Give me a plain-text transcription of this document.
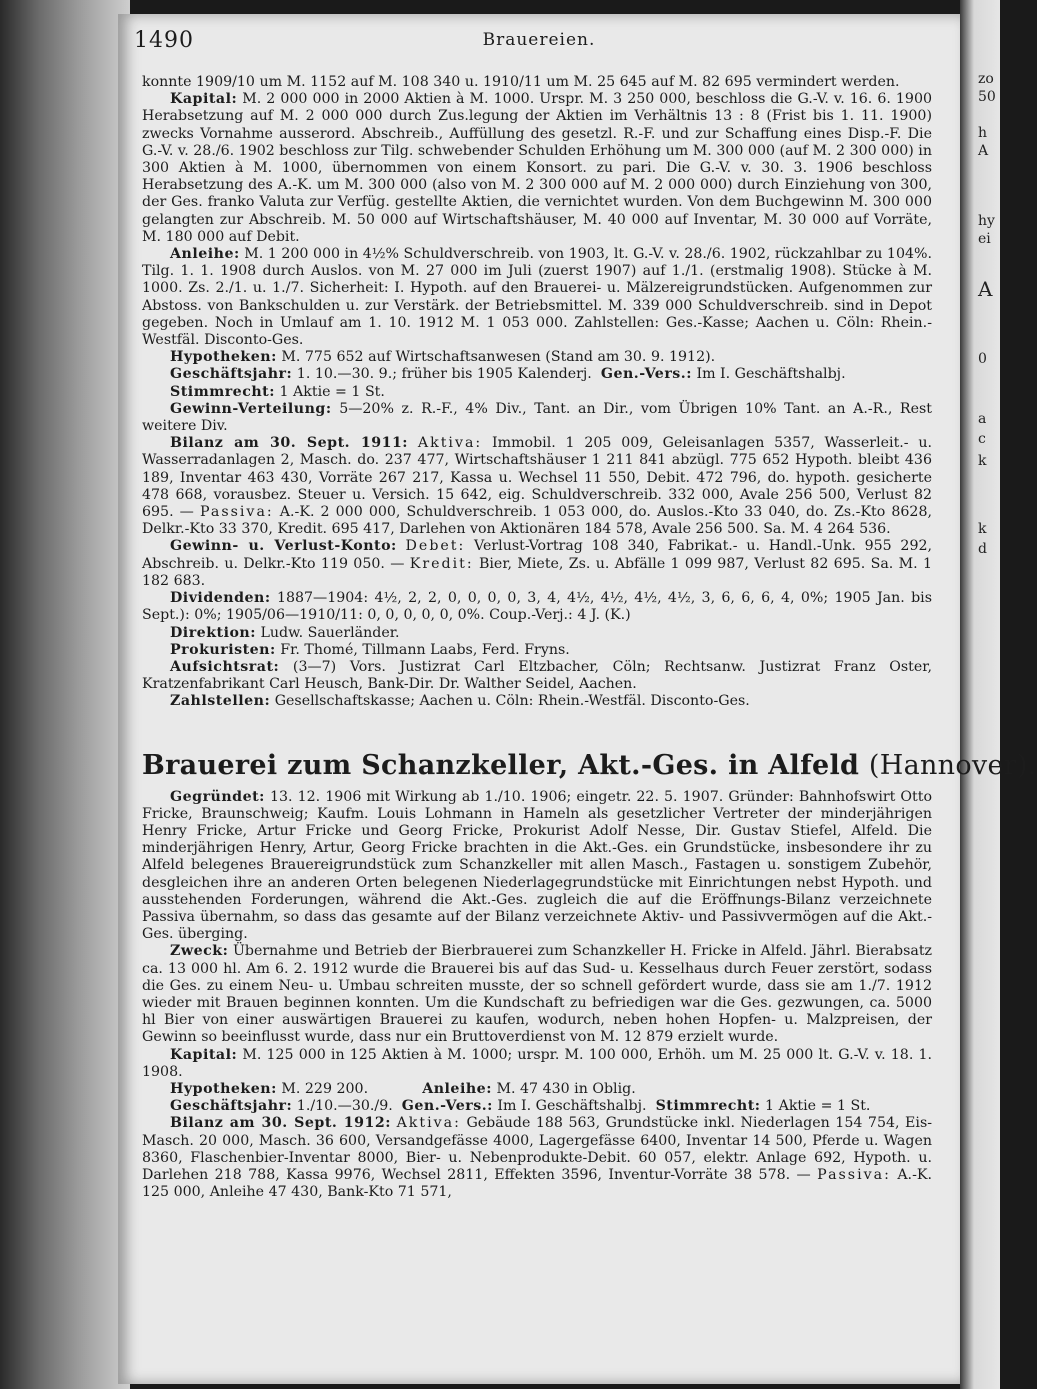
zo
50
h
A
hy
ei
A
0
a
c
k
k
d
1490	Brauereien.

konnte 1909/10 um M. 1152 auf M. 108 340 u. 1910/11 um M. 25 645 auf M. 82 695 vermindert werden.

Kapital: M. 2 000 000 in 2000 Aktien à M. 1000. Urspr. M. 3 250 000, beschloss die G.-V. v. 16. 6. 1900 Herabsetzung auf M. 2 000 000 durch Zus.legung der Aktien im Verhältnis 13 : 8 (Frist bis 1. 11. 1900) zwecks Vornahme ausserord. Abschreib., Auffüllung des gesetzl. R.-F. und zur Schaffung eines Disp.-F. Die G.-V. v. 28./6. 1902 beschloss zur Tilg. schwebender Schulden Erhöhung um M. 300 000 (auf M. 2 300 000) in 300 Aktien à M. 1000, übernommen von einem Konsort. zu pari. Die G.-V. v. 30. 3. 1906 beschloss Herabsetzung des A.-K. um M. 300 000 (also von M. 2 300 000 auf M. 2 000 000) durch Einziehung von 300, der Ges. franko Valuta zur Verfüg. gestellte Aktien, die vernichtet wurden. Von dem Buchgewinn M. 300 000 gelangten zur Abschreib. M. 50 000 auf Wirtschaftshäuser, M. 40 000 auf Inventar, M. 30 000 auf Vorräte, M. 180 000 auf Debit.

Anleihe: M. 1 200 000 in 4½% Schuldverschreib. von 1903, lt. G.-V. v. 28./6. 1902, rückzahlbar zu 104%. Tilg. 1. 1. 1908 durch Auslos. von M. 27 000 im Juli (zuerst 1907) auf 1./1. (erstmalig 1908). Stücke à M. 1000. Zs. 2./1. u. 1./7. Sicherheit: I. Hypoth. auf den Brauerei- u. Mälzereigrundstücken. Aufgenommen zur Abstoss. von Bankschulden u. zur Verstärk. der Betriebsmittel. M. 339 000 Schuldverschreib. sind in Depot gegeben. Noch in Umlauf am 1. 10. 1912 M. 1 053 000. Zahlstellen: Ges.-Kasse; Aachen u. Cöln: Rhein.-Westfäl. Disconto-Ges.

Hypotheken: M. 775 652 auf Wirtschaftsanwesen (Stand am 30. 9. 1912).

Geschäftsjahr: 1. 10.—30. 9.; früher bis 1905 Kalenderj. Gen.-Vers.: Im I. Geschäftshalbj.

Stimmrecht: 1 Aktie = 1 St.

Gewinn-Verteilung: 5—20% z. R.-F., 4% Div., Tant. an Dir., vom Übrigen 10% Tant. an A.-R., Rest weitere Div.

Bilanz am 30. Sept. 1911: Aktiva: Immobil. 1 205 009, Geleisanlagen 5357, Wasserleit.- u. Wasserradanlagen 2, Masch. do. 237 477, Wirtschaftshäuser 1 211 841 abzügl. 775 652 Hypoth. bleibt 436 189, Inventar 463 430, Vorräte 267 217, Kassa u. Wechsel 11 550, Debit. 472 796, do. hypoth. gesicherte 478 668, vorausbez. Steuer u. Versich. 15 642, eig. Schuldverschreib. 332 000, Avale 256 500, Verlust 82 695. — Passiva: A.-K. 2 000 000, Schuldverschreib. 1 053 000, do. Auslos.-Kto 33 040, do. Zs.-Kto 8628, Delkr.-Kto 33 370, Kredit. 695 417, Darlehen von Aktionären 184 578, Avale 256 500. Sa. M. 4 264 536.

Gewinn- u. Verlust-Konto: Debet: Verlust-Vortrag 108 340, Fabrikat.- u. Handl.-Unk. 955 292, Abschreib. u. Delkr.-Kto 119 050. — Kredit: Bier, Miete, Zs. u. Abfälle 1 099 987, Verlust 82 695. Sa. M. 1 182 683.

Dividenden: 1887—1904: 4½, 2, 2, 0, 0, 0, 0, 3, 4, 4½, 4½, 4½, 4½, 3, 6, 6, 6, 4, 0%; 1905 Jan. bis Sept.): 0%; 1905/06—1910/11: 0, 0, 0, 0, 0, 0%. Coup.-Verj.: 4 J. (K.)

Direktion: Ludw. Sauerländer.

Prokuristen: Fr. Thomé, Tillmann Laabs, Ferd. Fryns.

Aufsichtsrat: (3—7) Vors. Justizrat Carl Eltzbacher, Cöln; Rechtsanw. Justizrat Franz Oster, Kratzenfabrikant Carl Heusch, Bank-Dir. Dr. Walther Seidel, Aachen.

Zahlstellen: Gesellschaftskasse; Aachen u. Cöln: Rhein.-Westfäl. Disconto-Ges.

Brauerei zum Schanzkeller, Akt.-Ges. in Alfeld (Hannover).

Gegründet: 13. 12. 1906 mit Wirkung ab 1./10. 1906; eingetr. 22. 5. 1907. Gründer: Bahnhofswirt Otto Fricke, Braunschweig; Kaufm. Louis Lohmann in Hameln als gesetzlicher Vertreter der minderjährigen Henry Fricke, Artur Fricke und Georg Fricke, Prokurist Adolf Nesse, Dir. Gustav Stiefel, Alfeld. Die minderjährigen Henry, Artur, Georg Fricke brachten in die Akt.-Ges. ein Grundstücke, insbesondere ihr zu Alfeld belegenes Brauereigrundstück zum Schanzkeller mit allen Masch., Fastagen u. sonstigem Zubehör, desgleichen ihre an anderen Orten belegenen Niederlagegrundstücke mit Einrichtungen nebst Hypoth. und ausstehenden Forderungen, während die Akt.-Ges. zugleich die auf die Eröffnungs-Bilanz verzeichnete Passiva übernahm, so dass das gesamte auf der Bilanz verzeichnete Aktiv- und Passivvermögen auf die Akt.-Ges. überging.

Zweck: Übernahme und Betrieb der Bierbrauerei zum Schanzkeller H. Fricke in Alfeld. Jährl. Bierabsatz ca. 13 000 hl. Am 6. 2. 1912 wurde die Brauerei bis auf das Sud- u. Kesselhaus durch Feuer zerstört, sodass die Ges. zu einem Neu- u. Umbau schreiten musste, der so schnell gefördert wurde, dass sie am 1./7. 1912 wieder mit Brauen beginnen konnten. Um die Kundschaft zu befriedigen war die Ges. gezwungen, ca. 5000 hl Bier von einer auswärtigen Brauerei zu kaufen, wodurch, neben hohen Hopfen- u. Malzpreisen, der Gewinn so beeinflusst wurde, dass nur ein Bruttoverdienst von M. 12 879 erzielt wurde.

Kapital: M. 125 000 in 125 Aktien à M. 1000; urspr. M. 100 000, Erhöh. um M. 25 000 lt. G.-V. v. 18. 1. 1908.

Hypotheken: M. 229 200.	Anleihe: M. 47 430 in Oblig.

Geschäftsjahr: 1./10.—30./9. Gen.-Vers.: Im I. Geschäftshalbj. Stimmrecht: 1 Aktie = 1 St.

Bilanz am 30. Sept. 1912: Aktiva: Gebäude 188 563, Grundstücke inkl. Niederlagen 154 754, Eis-Masch. 20 000, Masch. 36 600, Versandgefässe 4000, Lagergefässe 6400, Inventar 14 500, Pferde u. Wagen 8360, Flaschenbier-Inventar 8000, Bier- u. Nebenprodukte-Debit. 60 057, elektr. Anlage 692, Hypoth. u. Darlehen 218 788, Kassa 9976, Wechsel 2811, Effekten 3596, Inventur-Vorräte 38 578. — Passiva: A.-K. 125 000, Anleihe 47 430, Bank-Kto 71 571,
